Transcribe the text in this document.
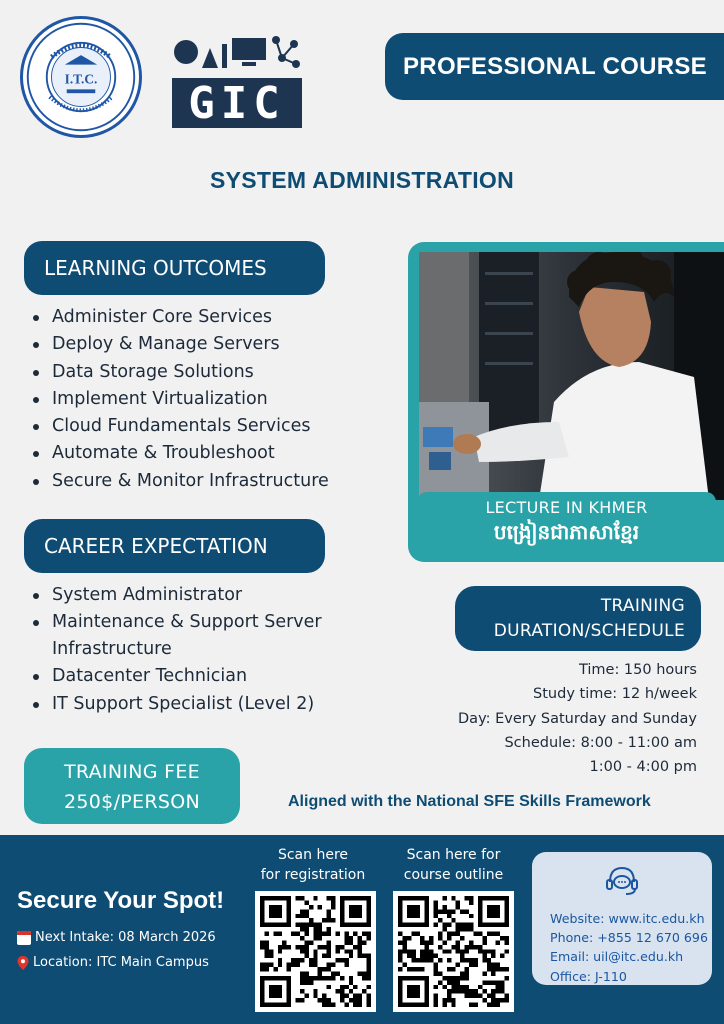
I.T.C. GIC
PROFESSIONAL COURSE
SYSTEM ADMINISTRATION
LEARNING OUTCOMES
Administer Core Services
Deploy & Manage Servers
Data Storage Solutions
Implement Virtualization
Cloud Fundamentals Services
Automate & Troubleshoot
Secure & Monitor Infrastructure
CAREER EXPECTATION
System Administrator
Maintenance & Support Server Infrastructure
Datacenter Technician
IT Support Specialist (Level 2)
LECTURE IN KHMER
បង្រៀនជាភាសាខ្មែរ
TRAINING
DURATION/SCHEDULE
Time: 150 hours
Study time: 12 h/week
Day: Every Saturday and Sunday
Schedule: 8:00 - 11:00 am
1:00 - 4:00 pm
TRAINING FEE
250$/PERSON	Aligned with the National SFE Skills Framework
Secure Your Spot!
Next Intake: 08 March 2026
Location: ITC Main Campus
Scan here
for registration
Scan here for
course outline
Website: www.itc.edu.kh
Phone: +855 12 670 696
Email: uil@itc.edu.kh
Office: J-110
